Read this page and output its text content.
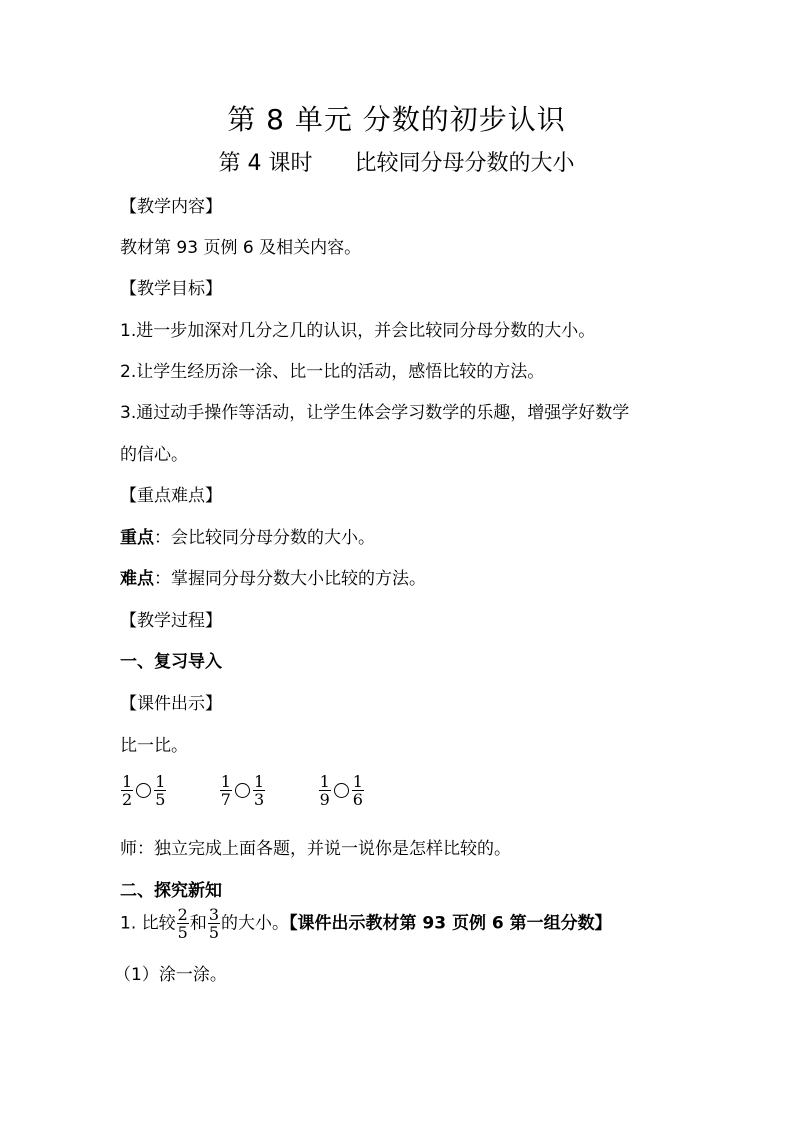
第 8 单元 分数的初步认识
第 4 课时 比较同分母分数的大小
【教学内容】
教材第 93 页例 6 及相关内容。
【教学目标】
1.进一步加深对几分之几的认识，并会比较同分母分数的大小。
2.让学生经历涂一涂、比一比的活动，感悟比较的方法。
3.通过动手操作等活动，让学生体会学习数学的乐趣，增强学好数学
的信心。
【重点难点】
重点：会比较同分母分数的大小。
难点：掌握同分母分数大小比较的方法。
【教学过程】
一、复习导入
【课件出示】
比一比。
$\frac{1}{2} \frac{1}{5}$
	$\frac{1}{7} \frac{1}{3}$
	$\frac{1}{9} \frac{1}{6}$
师：独立完成上面各题，并说一说你是怎样比较的。
二、探究新知
1. 比较 $\frac{2}{5}$ 和 $\frac{3}{5}$ 的大小。【课件出示教材第 93 页例 6 第一组分数】
（1）涂一涂。
